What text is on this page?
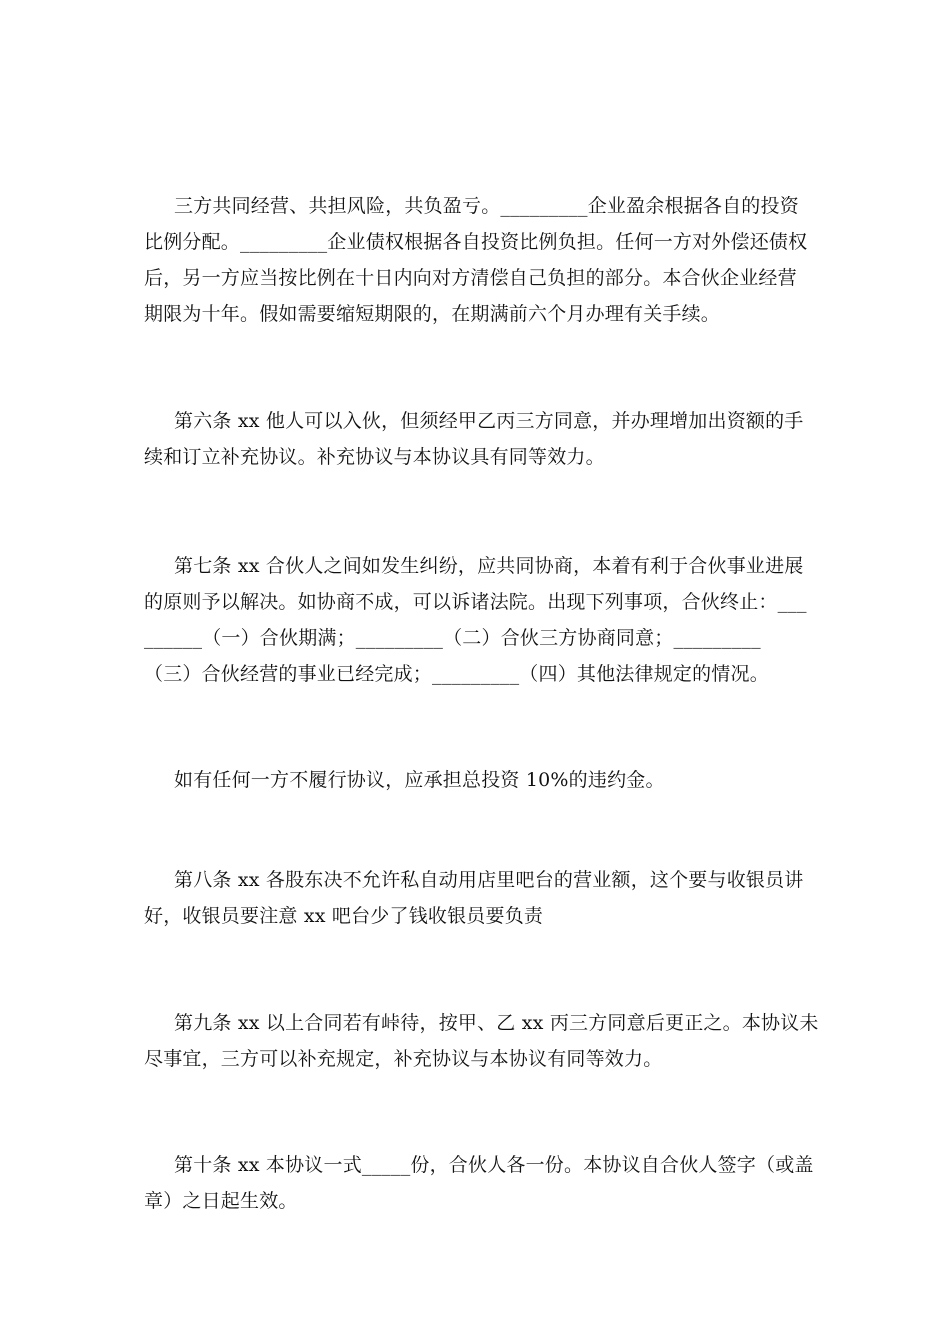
三方共同经营、共担风险，共负盈亏。_________企业盈余根据各自的投资
比例分配。_________企业债权根据各自投资比例负担。任何一方对外偿还债权
后，另一方应当按比例在十日内向对方清偿自己负担的部分。本合伙企业经营
期限为十年。假如需要缩短期限的，在期满前六个月办理有关手续。
第六条 xx 他人可以入伙，但须经甲乙丙三方同意，并办理增加出资额的手
续和订立补充协议。补充协议与本协议具有同等效力。
第七条 xx 合伙人之间如发生纠纷，应共同协商，本着有利于合伙事业进展
的原则予以解决。如协商不成，可以诉诸法院。出现下列事项，合伙终止：___
______（一）合伙期满；_________（二）合伙三方协商同意；_________
（三）合伙经营的事业已经完成；_________（四）其他法律规定的情况。
如有任何一方不履行协议，应承担总投资 10%的违约金。
第八条 xx 各股东决不允许私自动用店里吧台的营业额，这个要与收银员讲
好，收银员要注意 xx 吧台少了钱收银员要负责
第九条 xx 以上合同若有峠待，按甲、乙 xx 丙三方同意后更正之。本协议未
尽事宜，三方可以补充规定，补充协议与本协议有同等效力。
第十条 xx 本协议一式_____份，合伙人各一份。本协议自合伙人签字（或盖
章）之日起生效。
